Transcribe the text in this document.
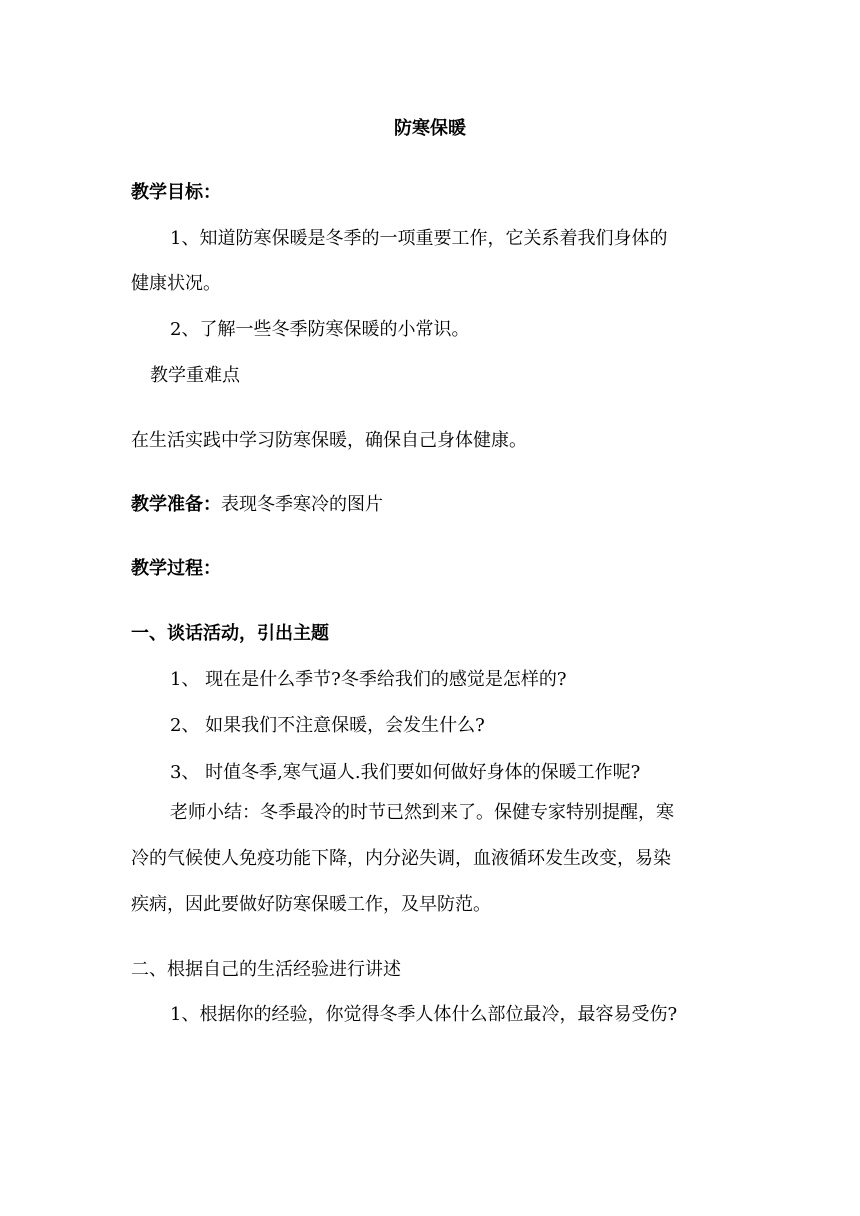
防寒保暖
教学目标：
1、知道防寒保暖是冬季的一项重要工作，它关系着我们身体的
健康状况。
2、了解一些冬季防寒保暖的小常识。
教学重难点
在生活实践中学习防寒保暖，确保自己身体健康。
教学准备：表现冬季寒冷的图片
教学过程：
一、谈话活动，引出主题
1、 现在是什么季节?冬季给我们的感觉是怎样的?
2、 如果我们不注意保暖，会发生什么?
3、 时值冬季,寒气逼人.我们要如何做好身体的保暖工作呢?
老师小结：冬季最冷的时节已然到来了。保健专家特别提醒，寒
冷的气候使人免疫功能下降，内分泌失调，血液循环发生改变，易染
疾病，因此要做好防寒保暖工作，及早防范。
二、根据自己的生活经验进行讲述
1、根据你的经验，你觉得冬季人体什么部位最冷，最容易受伤?
